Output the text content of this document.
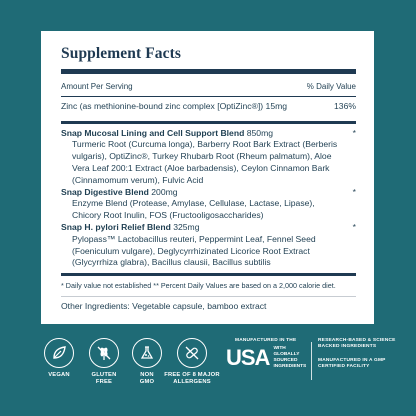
Supplement Facts
Amount Per Serving	% Daily Value
Zinc (as methionine-bound zinc complex [OptiZinc®]) 15mg	136%
Snap Mucosal Lining and Cell Support Blend 850mg	*
Turmeric Root (Curcuma longa), Barberry Root Bark Extract (Berberis vulgaris), OptiZinc®, Turkey Rhubarb Root (Rheum palmatum), Aloe Vera Leaf 200:1 Extract (Aloe barbadensis), Ceylon Cinnamon Bark (Cinnamomum verum), Fulvic Acid
Snap Digestive Blend 200mg	*
Enzyme Blend (Protease, Amylase, Cellulase, Lactase, Lipase), Chicory Root Inulin, FOS (Fructooligosaccharides)
Snap H. pylori Relief Blend 325mg	*
Pylopass™ Lactobacillus reuteri, Peppermint Leaf, Fennel Seed (Foeniculum vulgare), Deglycyrrhizinated Licorice Root Extract (Glycyrrhiza glabra), Bacillus clausii, Bacillus subtilis
* Daily value not established ** Percent Daily Values are based on a 2,000 calorie diet.
Other Ingredients: Vegetable capsule, bamboo extract
VEGAN	GLUTEN
FREE
NON
GMO
FREE OF 8 MAJOR
ALLERGENS
MANUFACTURED IN THE
USA WITH GLOBALLY
SOURCED INGREDIENTS
RESEARCH-BASED & SCIENCE
BACKED INGREDIENTS
MANUFACTURED IN A GMP
CERTIFIED FACILITY
